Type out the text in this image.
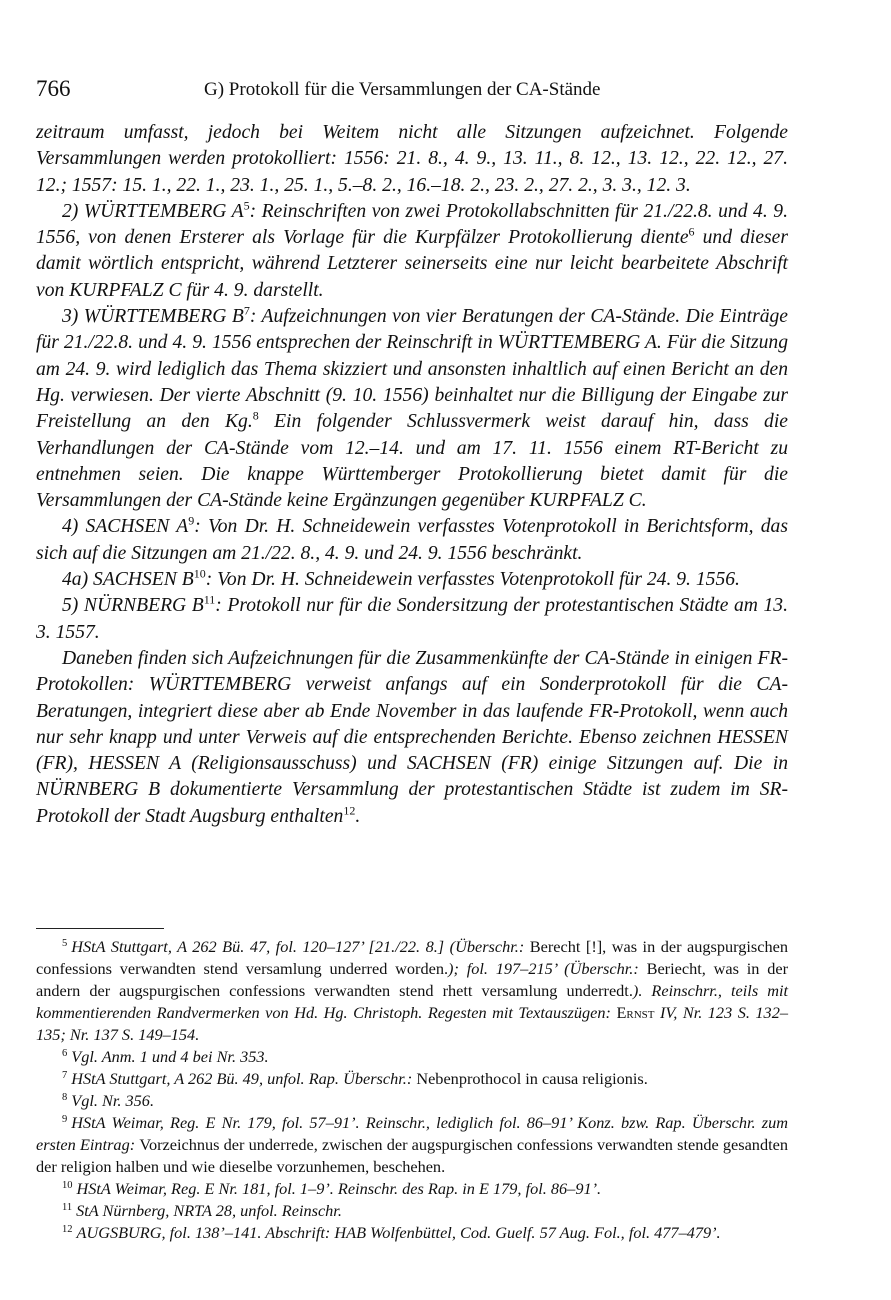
766	G) Protokoll für die Versammlungen der CA-Stände

zeitraum umfasst, jedoch bei Weitem nicht alle Sitzungen aufzeichnet. Folgende Versammlungen werden protokolliert: 1556: 21. 8., 4. 9., 13. 11., 8. 12., 13. 12., 22. 12., 27. 12.; 1557: 15. 1., 22. 1., 23. 1., 25. 1., 5.–8. 2., 16.–18. 2., 23. 2., 27. 2., 3. 3., 12. 3.

2) WÜRTTEMBERG $A^5$: Reinschriften von zwei Protokollabschnitten für 21./22.8. und 4. 9. 1556, von denen Ersterer als Vorlage für die Kurpfälzer Protokollierung diente$^6$ und dieser damit wörtlich entspricht, während Letzterer seinerseits eine nur leicht bearbeitete Abschrift von KURPFALZ C für 4. 9. darstellt.

3) WÜRTTEMBERG $B^7$: Aufzeichnungen von vier Beratungen der CA-Stände. Die Einträge für 21./22.8. und 4. 9. 1556 entsprechen der Reinschrift in WÜRTTEMBERG A. Für die Sitzung am 24. 9. wird lediglich das Thema skizziert und ansonsten inhaltlich auf einen Bericht an den Hg. verwiesen. Der vierte Abschnitt (9. 10. 1556) beinhaltet nur die Billigung der Eingabe zur Freistellung an den Kg.$^8$ Ein folgender Schlussvermerk weist darauf hin, dass die Verhandlungen der CA-Stände vom 12.–14. und am 17. 11. 1556 einem RT-Bericht zu entnehmen seien. Die knappe Württemberger Protokollierung bietet damit für die Versammlungen der CA-Stände keine Ergänzungen gegenüber KURPFALZ C.

4) SACHSEN $A^9$: Von Dr. H. Schneidewein verfasstes Votenprotokoll in Berichtsform, das sich auf die Sitzungen am 21./22. 8., 4. 9. und 24. 9. 1556 beschränkt.

4a) SACHSEN $B^{10}$: Von Dr. H. Schneidewein verfasstes Votenprotokoll für 24. 9. 1556.

5) NÜRNBERG $B^{11}$: Protokoll nur für die Sondersitzung der protestantischen Städte am 13. 3. 1557.

Daneben finden sich Aufzeichnungen für die Zusammenkünfte der CA-Stände in einigen FR-Protokollen: WÜRTTEMBERG verweist anfangs auf ein Sonderprotokoll für die CA-Beratungen, integriert diese aber ab Ende November in das laufende FR-Protokoll, wenn auch nur sehr knapp und unter Verweis auf die entsprechenden Berichte. Ebenso zeichnen HESSEN (FR), HESSEN A (Religionsausschuss) und SACHSEN (FR) einige Sitzungen auf. Die in NÜRNBERG B dokumentierte Versammlung der protestantischen Städte ist zudem im SR-Protokoll der Stadt Augsburg enthalten$^{12}$.

$^5$ HStA Stuttgart, A 262 Bü. 47, fol. 120–127’ [21./22. 8.] (Überschr.: Berecht [!], was in der augspurgischen confessions verwandten stend versamlung underred worden.); fol. 197–215’ (Überschr.: Beriecht, was in der andern der augspurgischen confessions verwandten stend rhett versamlung underredt.). Reinschrr., teils mit kommentierenden Randvermerken von Hd. Hg. Christoph. Regesten mit Textauszügen: Ernst IV, Nr. 123 S. 132–135; Nr. 137 S. 149–154.

$^6$ Vgl. Anm. 1 und 4 bei Nr. 353.

$^7$ HStA Stuttgart, A 262 Bü. 49, unfol. Rap. Überschr.: Nebenprothocol in causa religionis.

$^8$ Vgl. Nr. 356.

$^9$ HStA Weimar, Reg. E Nr. 179, fol. 57–91’. Reinschr., lediglich fol. 86–91’ Konz. bzw. Rap. Überschr. zum ersten Eintrag: Vorzeichnus der underrede, zwischen der augspurgischen confessions verwandten stende gesandten der religion halben und wie dieselbe vorzunhemen, beschehen.

$^{10}$ HStA Weimar, Reg. E Nr. 181, fol. 1–9’. Reinschr. des Rap. in E 179, fol. 86–91’.

$^{11}$ StA Nürnberg, NRTA 28, unfol. Reinschr.

$^{12}$ AUGSBURG, fol. 138’–141. Abschrift: HAB Wolfenbüttel, Cod. Guelf. 57 Aug. Fol., fol. 477–479’.
